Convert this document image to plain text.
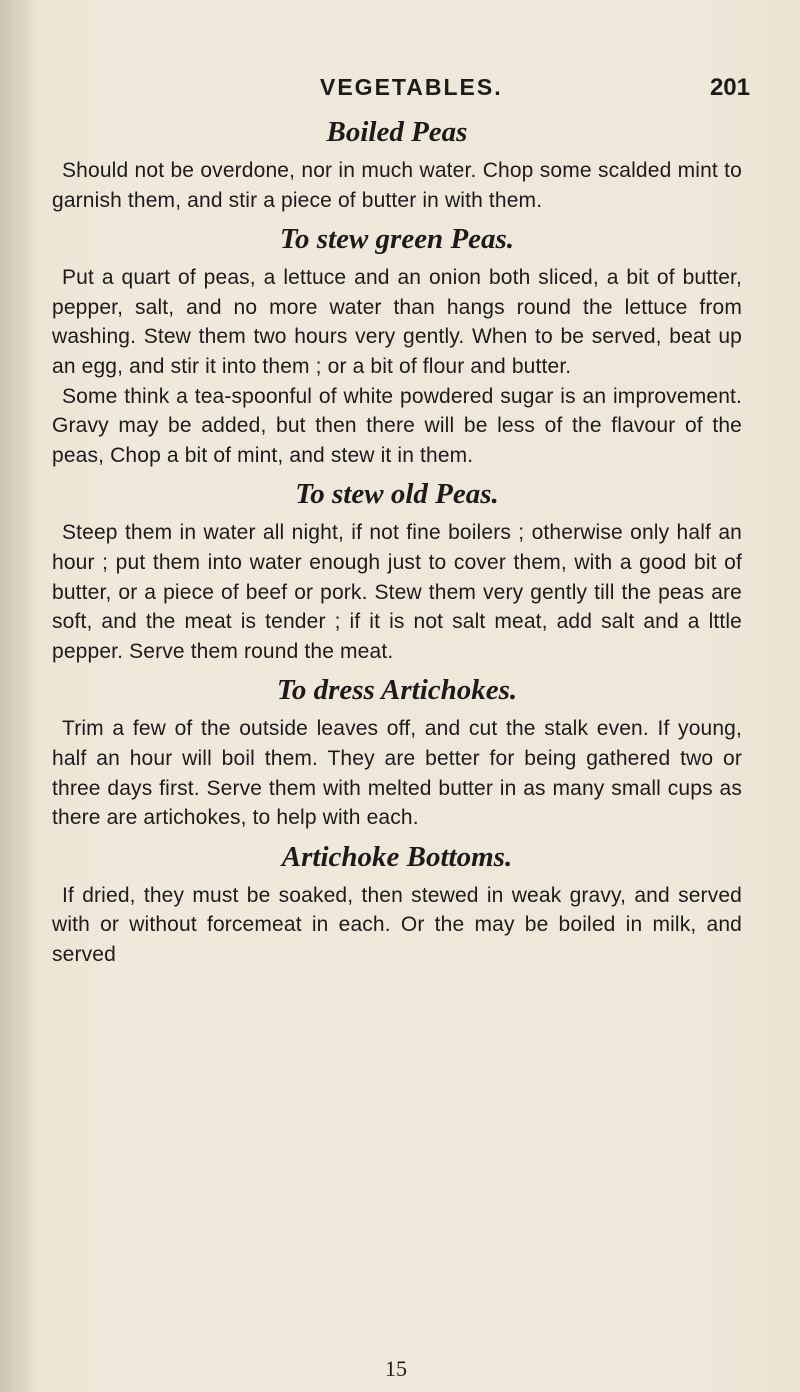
VEGETABLES.	201
Boiled Peas

Should not be overdone, nor in much water. Chop some scalded mint to garnish them, and stir a piece of butter in with them.

To stew green Peas.

Put a quart of peas, a lettuce and an onion both sliced, a bit of butter, pepper, salt, and no more water than hangs round the lettuce from washing. Stew them two hours very gently. When to be served, beat up an egg, and stir it into them ; or a bit of flour and butter.

Some think a tea-spoonful of white powdered sugar is an improvement. Gravy may be added, but then there will be less of the flavour of the peas, Chop a bit of mint, and stew it in them.

To stew old Peas.

Steep them in water all night, if not fine boilers ; otherwise only half an hour ; put them into water enough just to cover them, with a good bit of butter, or a piece of beef or pork. Stew them very gently till the peas are soft, and the meat is tender ; if it is not salt meat, add salt and a lttle pepper. Serve them round the meat.

To dress Artichokes.

Trim a few of the outside leaves off, and cut the stalk even. If young, half an hour will boil them. They are better for being gathered two or three days first. Serve them with melted butter in as many small cups as there are artichokes, to help with each.

Artichoke Bottoms.

If dried, they must be soaked, then stewed in weak gravy, and served with or without forcemeat in each. Or the may be boiled in milk, and served

15
